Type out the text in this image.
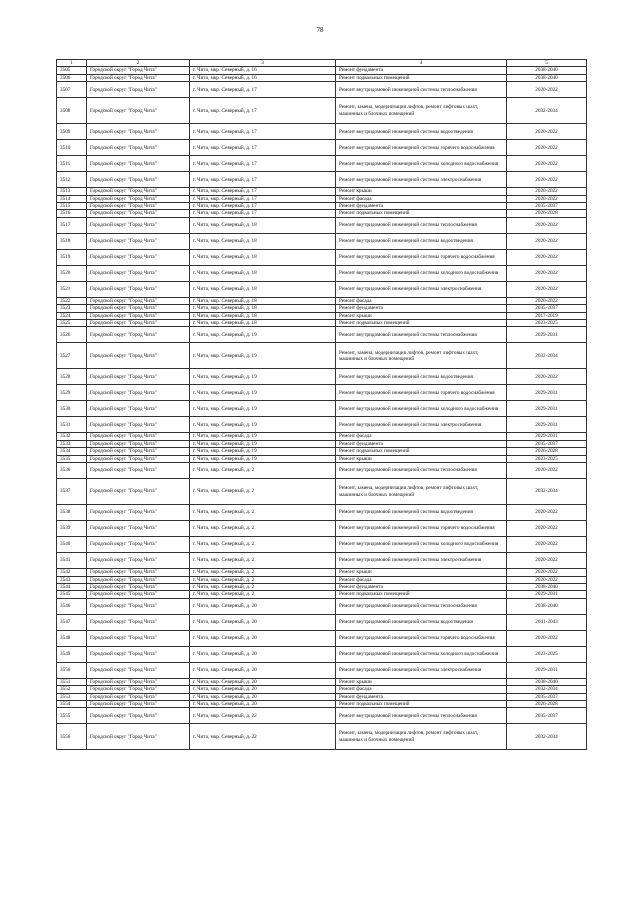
78
1	2	3	4	5
3505	Городской округ "Город Чита"	г. Чита, мкр. Северный, д. 16	Ремонт фундамента	2038-2040
3506	Городской округ "Город Чита"	г. Чита, мкр. Северный, д. 16	Ремонт подвальных помещений	2038-2040
3507	Городской округ "Город Чита"	г. Чита, мкр. Северный, д. 17	Ремонт внутридомовой инженерной системы теплоснабжения	2020-2022
3508	Городской округ "Город Чита"	г. Чита, мкр. Северный, д. 17	Ремонт, замена, модернизация лифтов, ремонт лифтовых шахт, машинных и блочных помещений	2032-2034
3509	Городской округ "Город Чита"	г. Чита, мкр. Северный, д. 17	Ремонт внутридомовой инженерной системы водоотведения	2020-2022
3510	Городской округ "Город Чита"	г. Чита, мкр. Северный, д. 17	Ремонт внутридомовой инженерной системы горячего водоснабжения	2020-2022
3511	Городской округ "Город Чита"	г. Чита, мкр. Северный, д. 17	Ремонт внутридомовой инженерной системы холодного водоснабжения	2020-2022
3512	Городской округ "Город Чита"	г. Чита, мкр. Северный, д. 17	Ремонт внутридомовой инженерной системы электроснабжения	2020-2022
3513	Городской округ "Город Чита"	г. Чита, мкр. Северный, д. 17	Ремонт крыши	2020-2022
3514	Городской округ "Город Чита"	г. Чита, мкр. Северный, д. 17	Ремонт фасада	2020-2022
3515	Городской округ "Город Чита"	г. Чита, мкр. Северный, д. 17	Ремонт фундамента	2035-2037
3516	Городской округ "Город Чита"	г. Чита, мкр. Северный, д. 17	Ремонт подвальных помещений	2026-2028
3517	Городской округ "Город Чита"	г. Чита, мкр. Северный, д. 18	Ремонт внутридомовой инженерной системы теплоснабжения	2020-2022
3518	Городской округ "Город Чита"	г. Чита, мкр. Северный, д. 18	Ремонт внутридомовой инженерной системы водоотведения	2020-2022
3519	Городской округ "Город Чита"	г. Чита, мкр. Северный, д. 18	Ремонт внутридомовой инженерной системы горячего водоснабжения	2020-2022
3520	Городской округ "Город Чита"	г. Чита, мкр. Северный, д. 18	Ремонт внутридомовой инженерной системы холодного водоснабжения	2020-2022
3521	Городской округ "Город Чита"	г. Чита, мкр. Северный, д. 18	Ремонт внутридомовой инженерной системы электроснабжения	2020-2022
3522	Городской округ "Город Чита"	г. Чита, мкр. Северный, д. 18	Ремонт фасада	2020-2022
3523	Городской округ "Город Чита"	г. Чита, мкр. Северный, д. 18	Ремонт фундамента	2035-2037
3524	Городской округ "Город Чита"	г. Чита, мкр. Северный, д. 18	Ремонт крыши	2017-2019
3525	Городской округ "Город Чита"	г. Чита, мкр. Северный, д. 18	Ремонт подвальных помещений	2023-2025
3526	Городской округ "Город Чита"	г. Чита, мкр. Северный, д. 19	Ремонт внутридомовой инженерной системы теплоснабжения	2029-2031
3527	Городской округ "Город Чита"	г. Чита, мкр. Северный, д. 19	Ремонт, замена, модернизация лифтов, ремонт лифтовых шахт, машинных и блочных помещений	2032-2034
3528	Городской округ "Город Чита"	г. Чита, мкр. Северный, д. 19	Ремонт внутридомовой инженерной системы водоотведения	2020-2022
3529	Городской округ "Город Чита"	г. Чита, мкр. Северный, д. 19	Ремонт внутридомовой инженерной системы горячего водоснабжения	2029-2031
3530	Городской округ "Город Чита"	г. Чита, мкр. Северный, д. 19	Ремонт внутридомовой инженерной системы холодного водоснабжения	2029-2031
3531	Городской округ "Город Чита"	г. Чита, мкр. Северный, д. 19	Ремонт внутридомовой инженерной системы электроснабжения	2029-2031
3532	Городской округ "Город Чита"	г. Чита, мкр. Северный, д. 19	Ремонт фасада	2029-2031
3533	Городской округ "Город Чита"	г. Чита, мкр. Северный, д. 19	Ремонт фундамента	2035-2037
3534	Городской округ "Город Чита"	г. Чита, мкр. Северный, д. 19	Ремонт подвальных помещений	2026-2028
3535	Городской округ "Город Чита"	г. Чита, мкр. Северный, д. 19	Ремонт крыши	2023-2025
3536	Городской округ "Город Чита"	г. Чита, мкр. Северный, д. 2	Ремонт внутридомовой инженерной системы теплоснабжения	2020-2022
3537	Городской округ "Город Чита"	г. Чита, мкр. Северный, д. 2	Ремонт, замена, модернизация лифтов, ремонт лифтовых шахт, машинных и блочных помещений	2032-2034
3538	Городской округ "Город Чита"	г. Чита, мкр. Северный, д. 2	Ремонт внутридомовой инженерной системы водоотведения	2020-2022
3539	Городской округ "Город Чита"	г. Чита, мкр. Северный, д. 2	Ремонт внутридомовой инженерной системы горячего водоснабжения	2020-2022
3540	Городской округ "Город Чита"	г. Чита, мкр. Северный, д. 2	Ремонт внутридомовой инженерной системы холодного водоснабжения	2020-2022
3541	Городской округ "Город Чита"	г. Чита, мкр. Северный, д. 2	Ремонт внутридомовой инженерной системы электроснабжения	2020-2022
3542	Городской округ "Город Чита"	г. Чита, мкр. Северный, д. 2	Ремонт крыши	2020-2022
3543	Городской округ "Город Чита"	г. Чита, мкр. Северный, д. 2	Ремонт фасада	2020-2022
3544	Городской округ "Город Чита"	г. Чита, мкр. Северный, д. 2	Ремонт фундамента	2038-2040
3545	Городской округ "Город Чита"	г. Чита, мкр. Северный, д. 2	Ремонт подвальных помещений	2029-2031
3546	Городской округ "Город Чита"	г. Чита, мкр. Северный, д. 20	Ремонт внутридомовой инженерной системы теплоснабжения	2038-2040
3547	Городской округ "Город Чита"	г. Чита, мкр. Северный, д. 20	Ремонт внутридомовой инженерной системы водоотведения	2041-2043
3548	Городской округ "Город Чита"	г. Чита, мкр. Северный, д. 20	Ремонт внутридомовой инженерной системы горячего водоснабжения	2020-2022
3549	Городской округ "Город Чита"	г. Чита, мкр. Северный, д. 20	Ремонт внутридомовой инженерной системы холодного водоснабжения	2023-2025
3550	Городской округ "Город Чита"	г. Чита, мкр. Северный, д. 20	Ремонт внутридомовой инженерной системы электроснабжения	2029-2031
3551	Городской округ "Город Чита"	г. Чита, мкр. Северный, д. 20	Ремонт крыши	2038-2040
3552	Городской округ "Город Чита"	г. Чита, мкр. Северный, д. 20	Ремонт фасада	2032-2034
3553	Городской округ "Город Чита"	г. Чита, мкр. Северный, д. 20	Ремонт фундамента	2035-2037
3554	Городской округ "Город Чита"	г. Чита, мкр. Северный, д. 20	Ремонт подвальных помещений	2026-2028
3555	Городской округ "Город Чита"	г. Чита, мкр. Северный, д. 22	Ремонт внутридомовой инженерной системы теплоснабжения	2035-2037
3556	Городской округ "Город Чита"	г. Чита, мкр. Северный, д. 22	Ремонт, замена, модернизация лифтов, ремонт лифтовых шахт, машинных и блочных помещений	2032-2034
